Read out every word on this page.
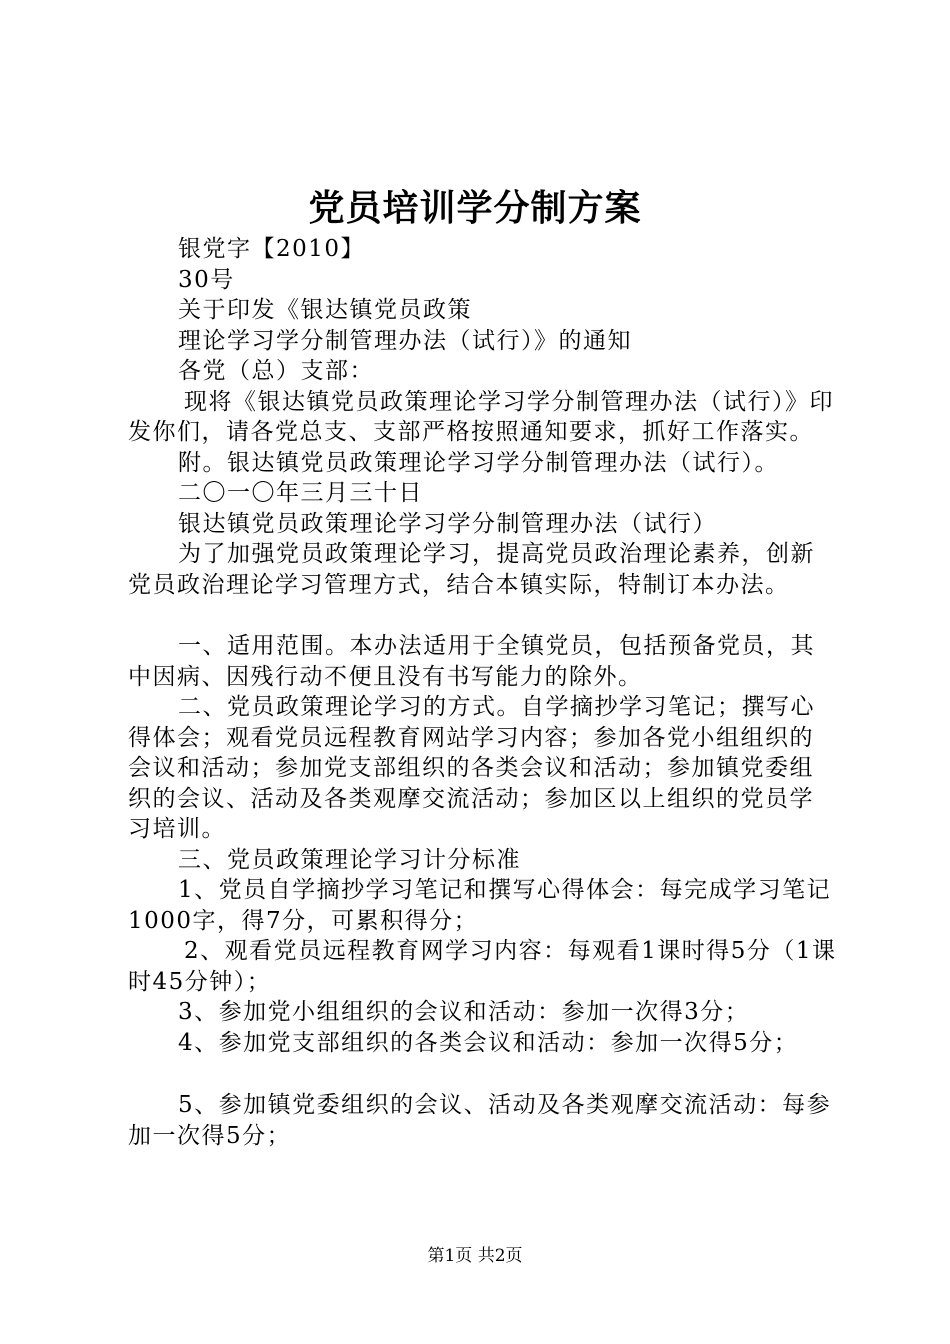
党员培训学分制方案

银党字【2010】

30号

关于印发《银达镇党员政策

理论学习学分制管理办法（试行）》的通知

各党（总）支部：

现将《银达镇党员政策理论学习学分制管理办法（试行）》印发你们，请各党总支、支部严格按照通知要求，抓好工作落实。

附。银达镇党员政策理论学习学分制管理办法（试行）。

二〇一〇年三月三十日

银达镇党员政策理论学习学分制管理办法（试行）

为了加强党员政策理论学习，提高党员政治理论素养，创新党员政治理论学习管理方式，结合本镇实际，特制订本办法。

一、适用范围。本办法适用于全镇党员，包括预备党员，其中因病、因残行动不便且没有书写能力的除外。

二、党员政策理论学习的方式。自学摘抄学习笔记；撰写心得体会；观看党员远程教育网站学习内容；参加各党小组组织的会议和活动；参加党支部组织的各类会议和活动；参加镇党委组织的会议、活动及各类观摩交流活动；参加区以上组织的党员学习培训。

三、党员政策理论学习计分标准

1、党员自学摘抄学习笔记和撰写心得体会：每完成学习笔记1000字，得7分，可累积得分；

2、观看党员远程教育网学习内容：每观看1课时得5分（1课时45分钟）；

3、参加党小组组织的会议和活动：参加一次得3分；

4、参加党支部组织的各类会议和活动：参加一次得5分；

5、参加镇党委组织的会议、活动及各类观摩交流活动：每参加一次得5分；

第1页 共2页
